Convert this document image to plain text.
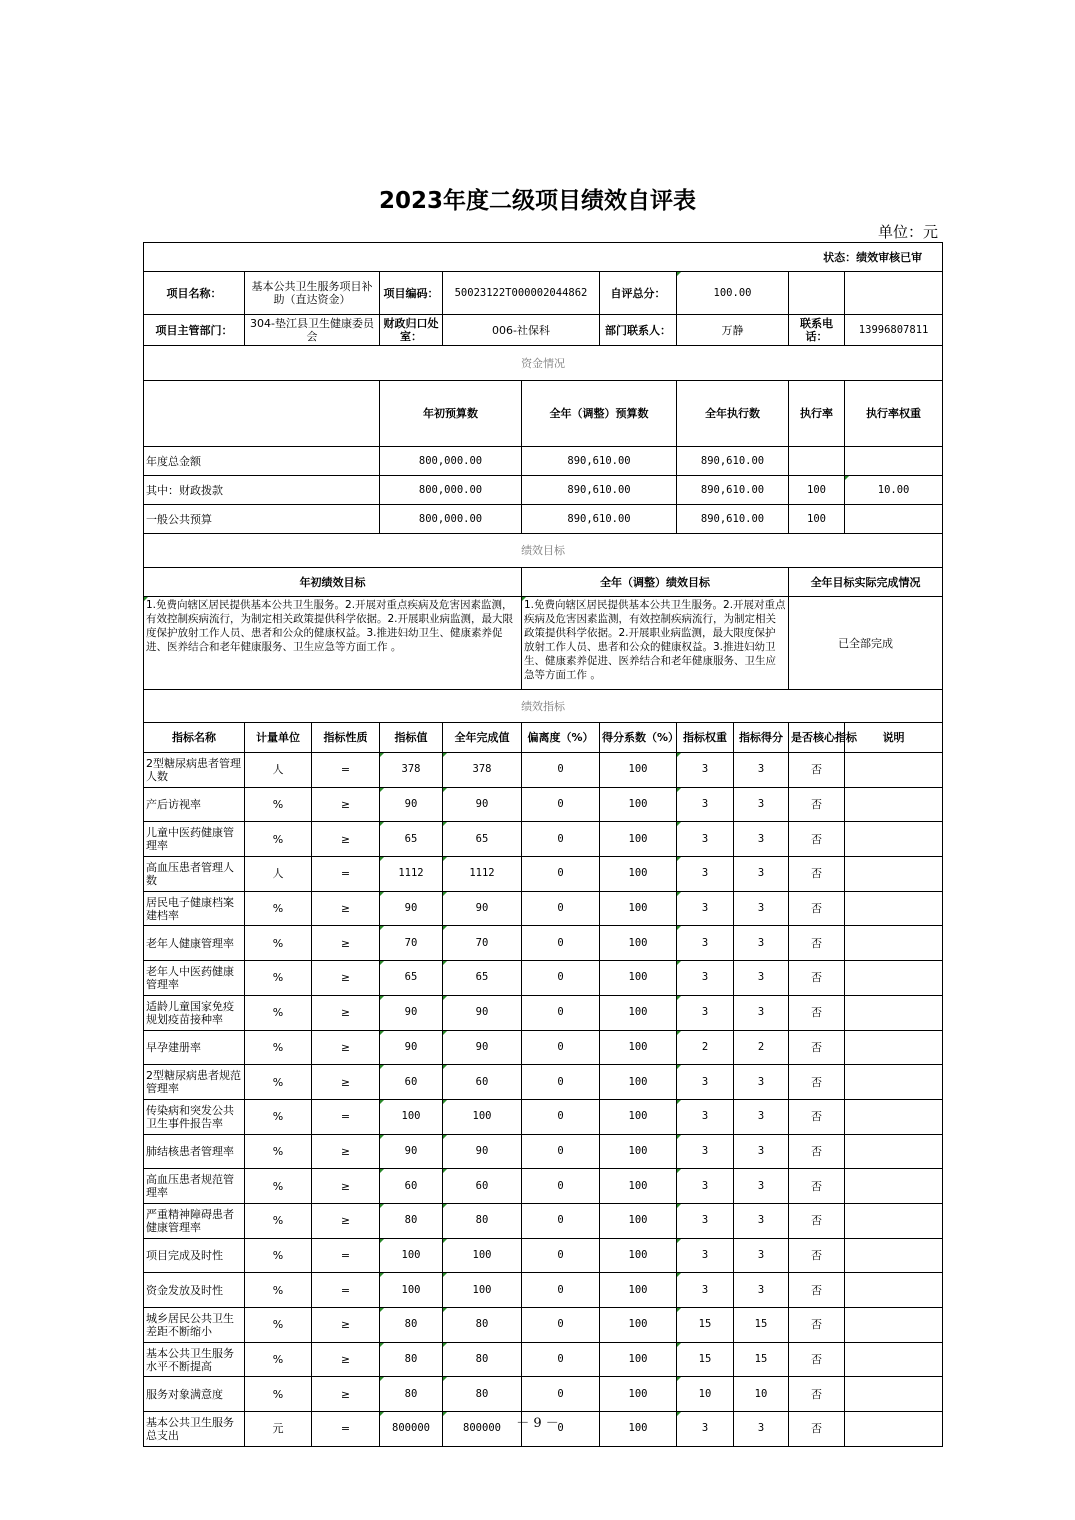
2023年度二级项目绩效自评表
单位：元
状态：绩效审核已审											
项目名称：	基本公共卫生服务项目补助（直达资金）		项目编码：	50023122T000002044862		自评总分：	100.00				
项目主管部门：	304-垫江县卫生健康委员会		财政归口处室：	006-社保科		部门联系人：	万静		联系电话：	13996807811	
资金情况											
			年初预算数		全年（调整）预算数		全年执行数		执行率	执行率权重	
年度总金额			800,000.00		890,610.00		890,610.00				
其中：财政拨款			800,000.00		890,610.00		890,610.00		100	10.00	
一般公共预算			800,000.00		890,610.00		890,610.00		100		
绩效目标											
年初绩效目标					全年（调整）绩效目标				全年目标实际完成情况		
1.免费向辖区居民提供基本公共卫生服务。2.开展对重点疾病及危害因素监测，有效控制疾病流行，为制定相关政策提供科学依据。2.开展职业病监测，最大限度保护放射工作人员、患者和公众的健康权益。3.推进妇幼卫生、健康素养促进、医养结合和老年健康服务、卫生应急等方面工作 。					1.免费向辖区居民提供基本公共卫生服务。2.开展对重点疾病及危害因素监测，有效控制疾病流行，为制定相关政策提供科学依据。2.开展职业病监测，最大限度保护放射工作人员、患者和公众的健康权益。3.推进妇幼卫生、健康素养促进、医养结合和老年健康服务、卫生应急等方面工作 。				已全部完成		
绩效指标											
指标名称	计量单位	指标性质	指标值	全年完成值	偏离度（%）	得分系数（%）	指标权重	指标得分	是否核心指标	说明	
2型糖尿病患者管理人数	人	=	378	378	0	100	3	3	否		
产后访视率	%	≥	90	90	0	100	3	3	否		
儿童中医药健康管理率	%	≥	65	65	0	100	3	3	否		
高血压患者管理人数	人	=	1112	1112	0	100	3	3	否		
居民电子健康档案建档率	%	≥	90	90	0	100	3	3	否		
老年人健康管理率	%	≥	70	70	0	100	3	3	否		
老年人中医药健康管理率	%	≥	65	65	0	100	3	3	否		
适龄儿童国家免疫规划疫苗接种率	%	≥	90	90	0	100	3	3	否		
早孕建册率	%	≥	90	90	0	100	2	2	否		
2型糖尿病患者规范管理率	%	≥	60	60	0	100	3	3	否		
传染病和突发公共卫生事件报告率	%	=	100	100	0	100	3	3	否		
肺结核患者管理率	%	≥	90	90	0	100	3	3	否		
高血压患者规范管理率	%	≥	60	60	0	100	3	3	否		
严重精神障碍患者健康管理率	%	≥	80	80	0	100	3	3	否		
项目完成及时性	%	=	100	100	0	100	3	3	否		
资金发放及时性	%	=	100	100	0	100	3	3	否		
城乡居民公共卫生差距不断缩小	%	≥	80	80	0	100	15	15	否		
基本公共卫生服务水平不断提高	%	≥	80	80	0	100	15	15	否		
服务对象满意度	%	≥	80	80	0	100	10	10	否		
基本公共卫生服务总支出	元	=	800000	800000	0	100	3	3	否		
－ 9 －
